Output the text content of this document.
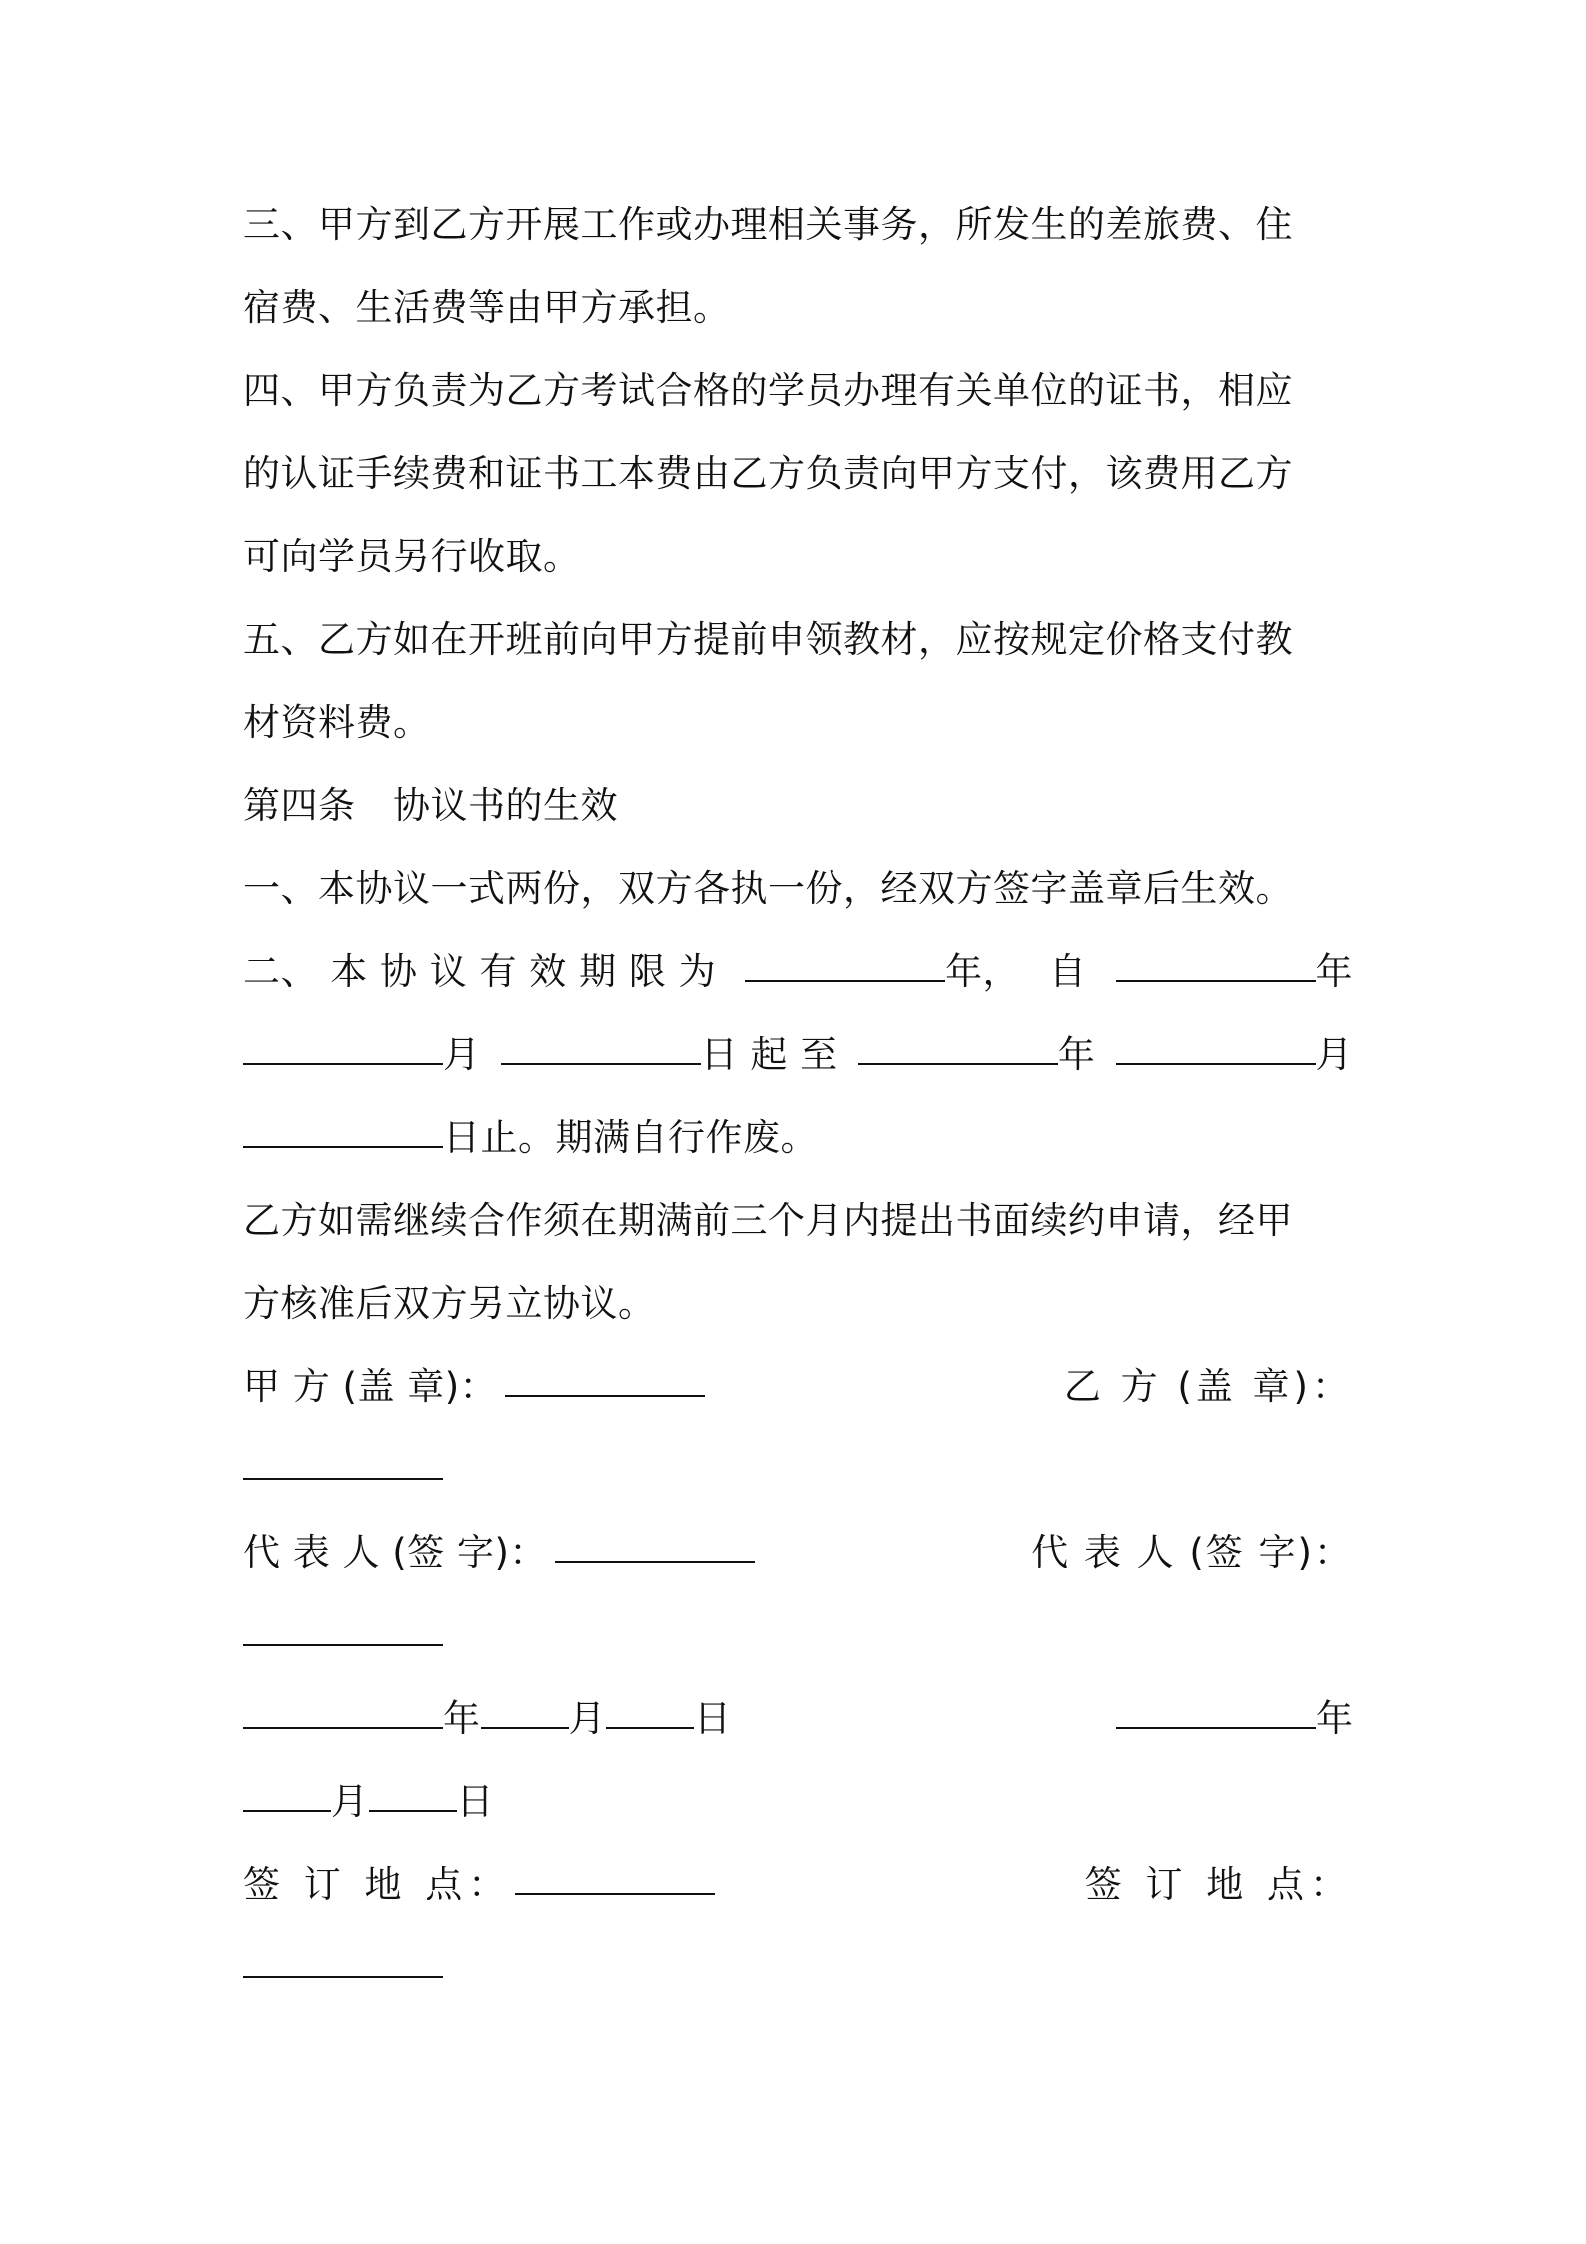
三、甲方到乙方开展工作或办理相关事务，所发生的差旅费、住
宿费、生活费等由甲方承担。
四、甲方负责为乙方考试合格的学员办理有关单位的证书，相应
的认证手续费和证书工本费由乙方负责向甲方支付，该费用乙方
可向学员另行收取。
五、乙方如在开班前向甲方提前申领教材，应按规定价格支付教
材资料费。
第四条　协议书的生效
一、本协议一式两份，双方各执一份，经双方签字盖章后生效。
二、 本 协 议 有 效 期 限 为	年， 自	年
月	日 起 至	年	月
日止。期满自行作废。
乙方如需继续合作须在期满前三个月内提出书面续约申请，经甲
方核准后双方另立协议。
甲 方 (盖 章)：	乙 方 (盖 章)：
代 表 人 (签 字)：	代 表 人 (签 字)：
年 月 日	年
月 日
签 订 地 点：	签 订 地 点：
